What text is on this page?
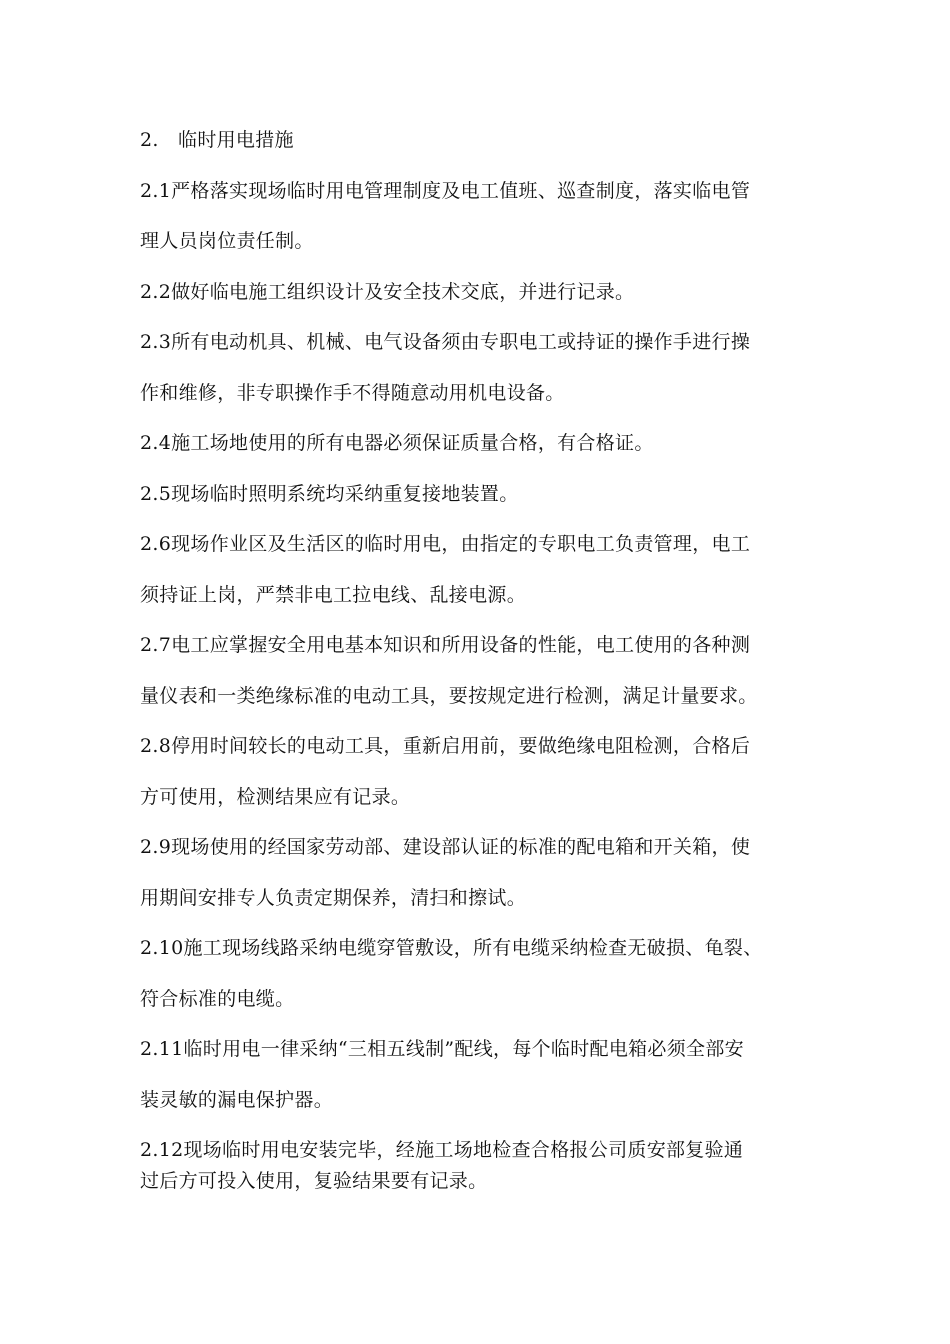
2.　临时用电措施
2.1严格落实现场临时用电管理制度及电工值班、巡查制度，落实临电管
理人员岗位责任制。
2.2做好临电施工组织设计及安全技术交底，并进行记录。
2.3所有电动机具、机械、电气设备须由专职电工或持证的操作手进行操
作和维修，非专职操作手不得随意动用机电设备。
2.4施工场地使用的所有电器必须保证质量合格，有合格证。
2.5现场临时照明系统均采纳重复接地装置。
2.6现场作业区及生活区的临时用电，由指定的专职电工负责管理，电工
须持证上岗，严禁非电工拉电线、乱接电源。
2.7电工应掌握安全用电基本知识和所用设备的性能，电工使用的各种测
量仪表和一类绝缘标准的电动工具，要按规定进行检测，满足计量要求。
2.8停用时间较长的电动工具，重新启用前，要做绝缘电阻检测，合格后
方可使用，检测结果应有记录。
2.9现场使用的经国家劳动部、建设部认证的标准的配电箱和开关箱，使
用期间安排专人负责定期保养，清扫和擦试。
2.10施工现场线路采纳电缆穿管敷设，所有电缆采纳检查无破损、龟裂、
符合标准的电缆。
2.11临时用电一律采纳“三相五线制”配线，每个临时配电箱必须全部安
装灵敏的漏电保护器。
2.12现场临时用电安装完毕，经施工场地检查合格报公司质安部复验通
过后方可投入使用，复验结果要有记录。
